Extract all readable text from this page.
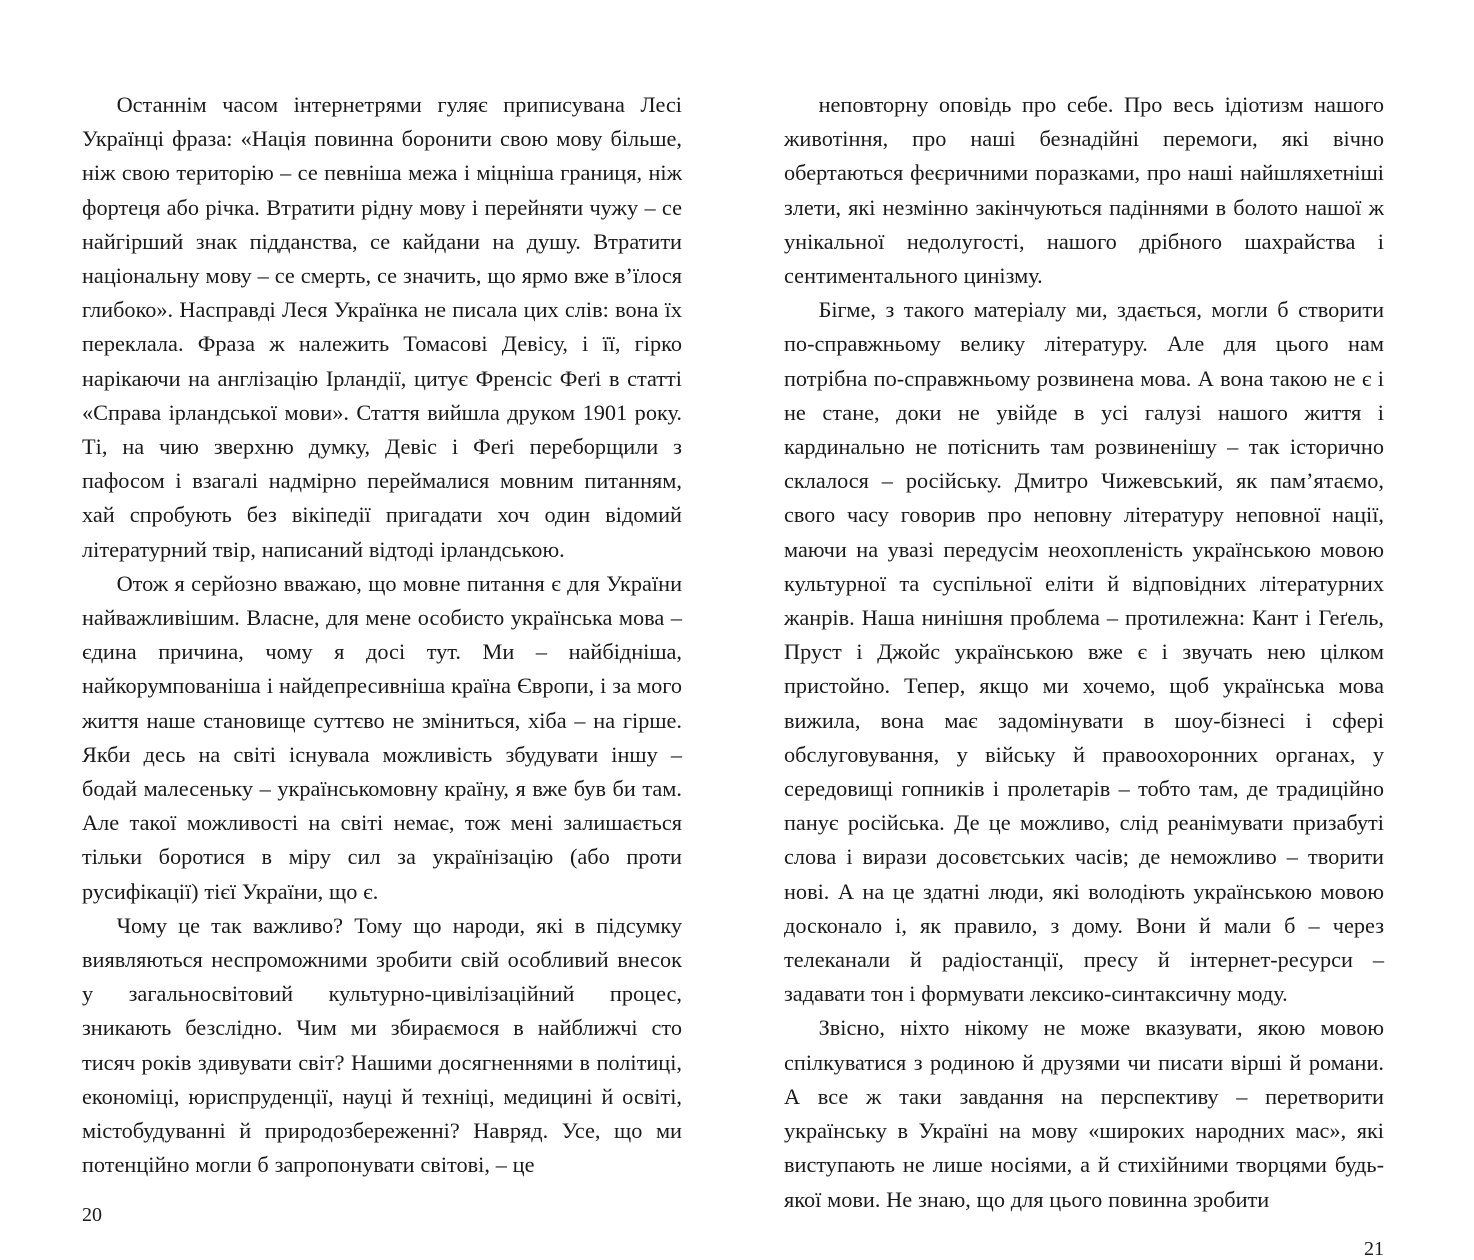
Останнім часом інтернетрями гуляє приписувана Лесі Українці фраза: «Нація повинна боронити свою мову більше, ніж свою територію – се певніша межа і міцніша границя, ніж фортеця або річка. Втратити рідну мову і перейняти чужу – се найгірший знак підданства, се кайдани на душу. Втратити національну мову – се смерть, се значить, що ярмо вже в’їлося глибоко». Насправді Леся Українка не писала цих слів: вона їх переклала. Фраза ж належить Томасові Девісу, і її, гірко нарікаючи на англізацію Ірландії, цитує Френсіс Феґі в статті «Справа ірландської мови». Стаття вийшла друком 1901 року. Ті, на чию зверхню думку, Девіс і Феґі переборщили з пафосом і взагалі надмірно переймалися мовним питанням, хай спробують без вікіпедії пригадати хоч один відомий літературний твір, написаний відтоді ірландською.

Отож я серйозно вважаю, що мовне питання є для України найважливішим. Власне, для мене особисто українська мова – єдина причина, чому я досі тут. Ми – найбідніша, найкорумпованіша і найдепресивніша країна Європи, і за мого життя наше становище суттєво не зміниться, хіба – на гірше. Якби десь на світі існувала можливість збудувати іншу – бодай малесеньку – українськомовну країну, я вже був би там. Але такої можливості на світі немає, тож мені залишається тільки боротися в міру сил за українізацію (або проти русифікації) тієї України, що є.

Чому це так важливо? Тому що народи, які в підсумку виявляються неспроможними зробити свій особливий внесок у загальносвітовий культурно-цивілізаційний процес, зникають безслідно. Чим ми збираємося в найближчі сто тисяч років здивувати світ? Нашими досягненнями в політиці, економіці, юриспруденції, науці й техніці, медицині й освіті, містобудуванні й природозбереженні? Навряд. Усе, що ми потенційно могли б запропонувати світові, – це

20

неповторну оповідь про себе. Про весь ідіотизм нашого животіння, про наші безнадійні перемоги, які вічно обертаються феєричними поразками, про наші найшляхетніші злети, які незмінно закінчуються падіннями в болото нашої ж унікальної недолугості, нашого дрібного шахрайства і сентиментального цинізму.

Бігме, з такого матеріалу ми, здається, могли б створити по-справжньому велику літературу. Але для цього нам потрібна по-справжньому розвинена мова. А вона такою не є і не стане, доки не увійде в усі галузі нашого життя і кардинально не потіснить там розвиненішу – так історично склалося – російську. Дмитро Чижевський, як пам’ятаємо, свого часу говорив про неповну літературу неповної нації, маючи на увазі передусім неохопленість українською мовою культурної та суспільної еліти й відповідних літературних жанрів. Наша нинішня проблема – протилежна: Кант і Геґель, Пруст і Джойс українською вже є і звучать нею цілком пристойно. Тепер, якщо ми хочемо, щоб українська мова вижила, вона має задомінувати в шоу-бізнесі і сфері обслуговування, у війську й правоохоронних органах, у середовищі гопників і пролетарів – тобто там, де традиційно панує російська. Де це можливо, слід реанімувати призабуті слова і вирази досовєтських часів; де неможливо – творити нові. А на це здатні люди, які володіють українською мовою досконало і, як правило, з дому. Вони й мали б – через телеканали й радіостанції, пресу й інтернет-ресурси – задавати тон і формувати лексико-синтаксичну моду.

Звісно, ніхто нікому не може вказувати, якою мовою спілкуватися з родиною й друзями чи писати вірші й романи. А все ж таки завдання на перспективу – перетворити українську в Україні на мову «широких народних мас», які виступають не лише носіями, а й стихійними творцями будь-якої мови. Не знаю, що для цього повинна зробити

21
